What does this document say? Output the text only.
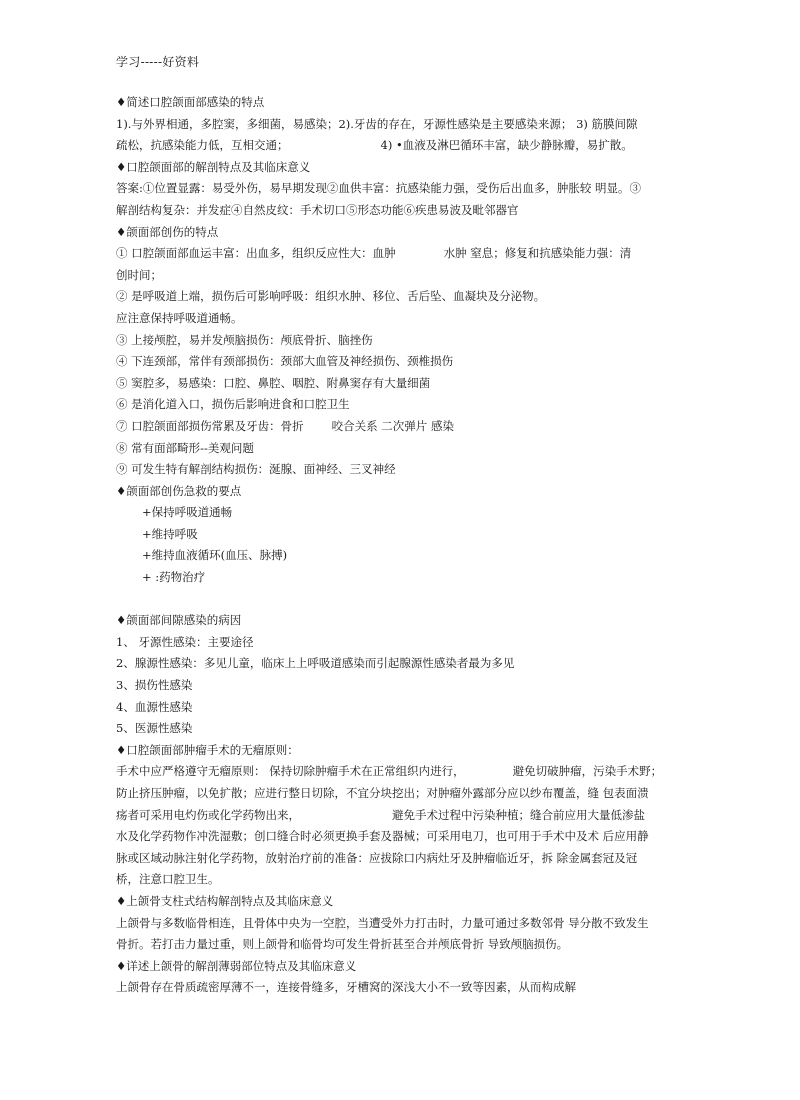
学习-----好资料

♦简述口腔颌面部感染的特点

1).与外界相通，多腔窦，多细菌，易感染；2).牙齿的存在，牙源性感染是主要感染来源； 3) 筋膜间隙

疏松，抗感染能力低，互相交通；	4) •血液及淋巴循环丰富，缺少静脉瓣，易扩散。

♦口腔颌面部的解剖特点及其临床意义

答案:①位置显露：易受外伤，易早期发现②血供丰富：抗感染能力强，受伤后出血多，肿胀较 明显。③

解剖结构复杂：并发症④自然皮纹：手术切口⑤形态功能⑥疾患易波及毗邻器官

♦颌面部创伤的特点

① 口腔颌面部血运丰富：出血多，组织反应性大：血肿	水肿 窒息；修复和抗感染能力强：清

创时间；

② 是呼吸道上端，损伤后可影响呼吸：组织水肿、移位、舌后坠、血凝块及分泌物。

应注意保持呼吸道通畅。

③ 上接颅腔，易并发颅脑损伤：颅底骨折、脑挫伤

④ 下连颈部，常伴有颈部损伤：颈部大血管及神经损伤、颈椎损伤

⑤ 窦腔多，易感染：口腔、鼻腔、咽腔、附鼻窦存有大量细菌

⑥ 是消化道入口，损伤后影响进食和口腔卫生

⑦ 口腔颌面部损伤常累及牙齿：骨折 咬合关系 二次弹片 感染

⑧ 常有面部畸形--美观问题

⑨ 可发生特有解剖结构损伤：涎腺、面神经、三叉神经

♦颌面部创伤急救的要点

+保持呼吸道通畅

+维持呼吸

+维持血液循环(血压、脉搏)

+ :药物治疗

♦颌面部间隙感染的病因

1、 牙源性感染：主要途径

2、腺源性感染：多见儿童，临床上上呼吸道感染而引起腺源性感染者最为多见

3、损伤性感染

4、血源性感染

5、医源性感染

♦口腔颌面部肿瘤手术的无瘤原则：

手术中应严格遵守无瘤原则： 保持切除肿瘤手术在正常组织内进行，	避免切破肿瘤，污染手术野；

防止挤压肿瘤，以免扩散；应进行整日切除，不宜分块挖出；对肿瘤外露部分应以纱布覆盖，缝 包表面溃

疡者可采用电灼伤或化学药物出来，	避免手术过程中污染种植；缝合前应用大量低渗盐

水及化学药物作冲洗湿敷；创口缝合时必须更换手套及器械；可采用电刀，也可用于手术中及术 后应用静

脉或区域动脉注射化学药物，放射治疗前的准备：应拔除口内病灶牙及肿瘤临近牙，拆 除金属套冠及冠

桥，注意口腔卫生。

♦上颌骨支柱式结构解剖特点及其临床意义

上颌骨与多数临骨相连，且骨体中央为一空腔，当遭受外力打击时，力量可通过多数邻骨 导分散不致发生

骨折。若打击力量过重，则上颌骨和临骨均可发生骨折甚至合并颅底骨折 导致颅脑损伤。

♦详述上颌骨的解剖薄弱部位特点及其临床意义

上颌骨存在骨质疏密厚薄不一，连接骨缝多，牙槽窝的深浅大小不一致等因素，从而构成解
